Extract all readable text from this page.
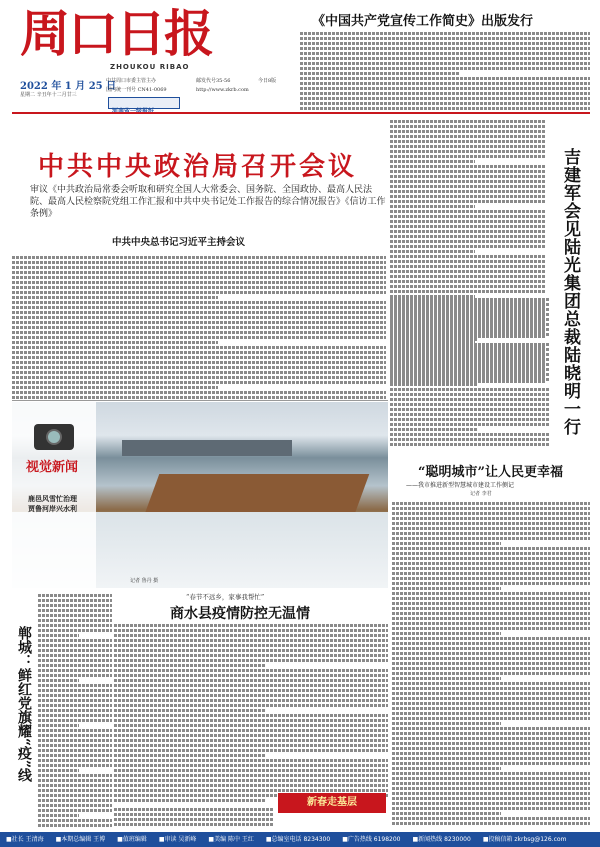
周口日报
ZHOUKOU RIBAO
2022 年 1 月 25 日
星期二 辛丑年十二月廿三
中共周口市委主管主办
国内统一刊号 CN41-0069
邮发代号35-56
http://www.zkrb.com
今日8版
《中国共产党宣传工作简史》出版发行
中共中央政治局召开会议
审议《中共政治局常委会听取和研究全国人大常委会、国务院、全国政协、最高人民法院、最高人民检察院党组工作汇报和中共中央书记处工作报告的综合情况报告》《信访工作条例》
中共中央总书记习近平主持会议	吉建军会见陆光集团总裁陆晓明一行
视觉新闻
鹿邑风雪忙治理 贾鲁河岸兴水利
记者 鲁丹 摄
“聪明城市”让人民更幸福
——我市推进新型智慧城市建设工作侧记
记者 李君
郸城：鲜红党旗耀“疫”线
“春节不远乡，家事我帮忙”
商水县疫情防控无温情
新春走基层
■社长 王清海 ■本期总编辑 王博 ■值班编辑 ■审读 吴新峰 ■美编 陈中 王红 ■总编室电话 8234300 ■广告热线 6198200 ■新闻热线 8230000 ■投稿信箱 zkrbsg@126.com
